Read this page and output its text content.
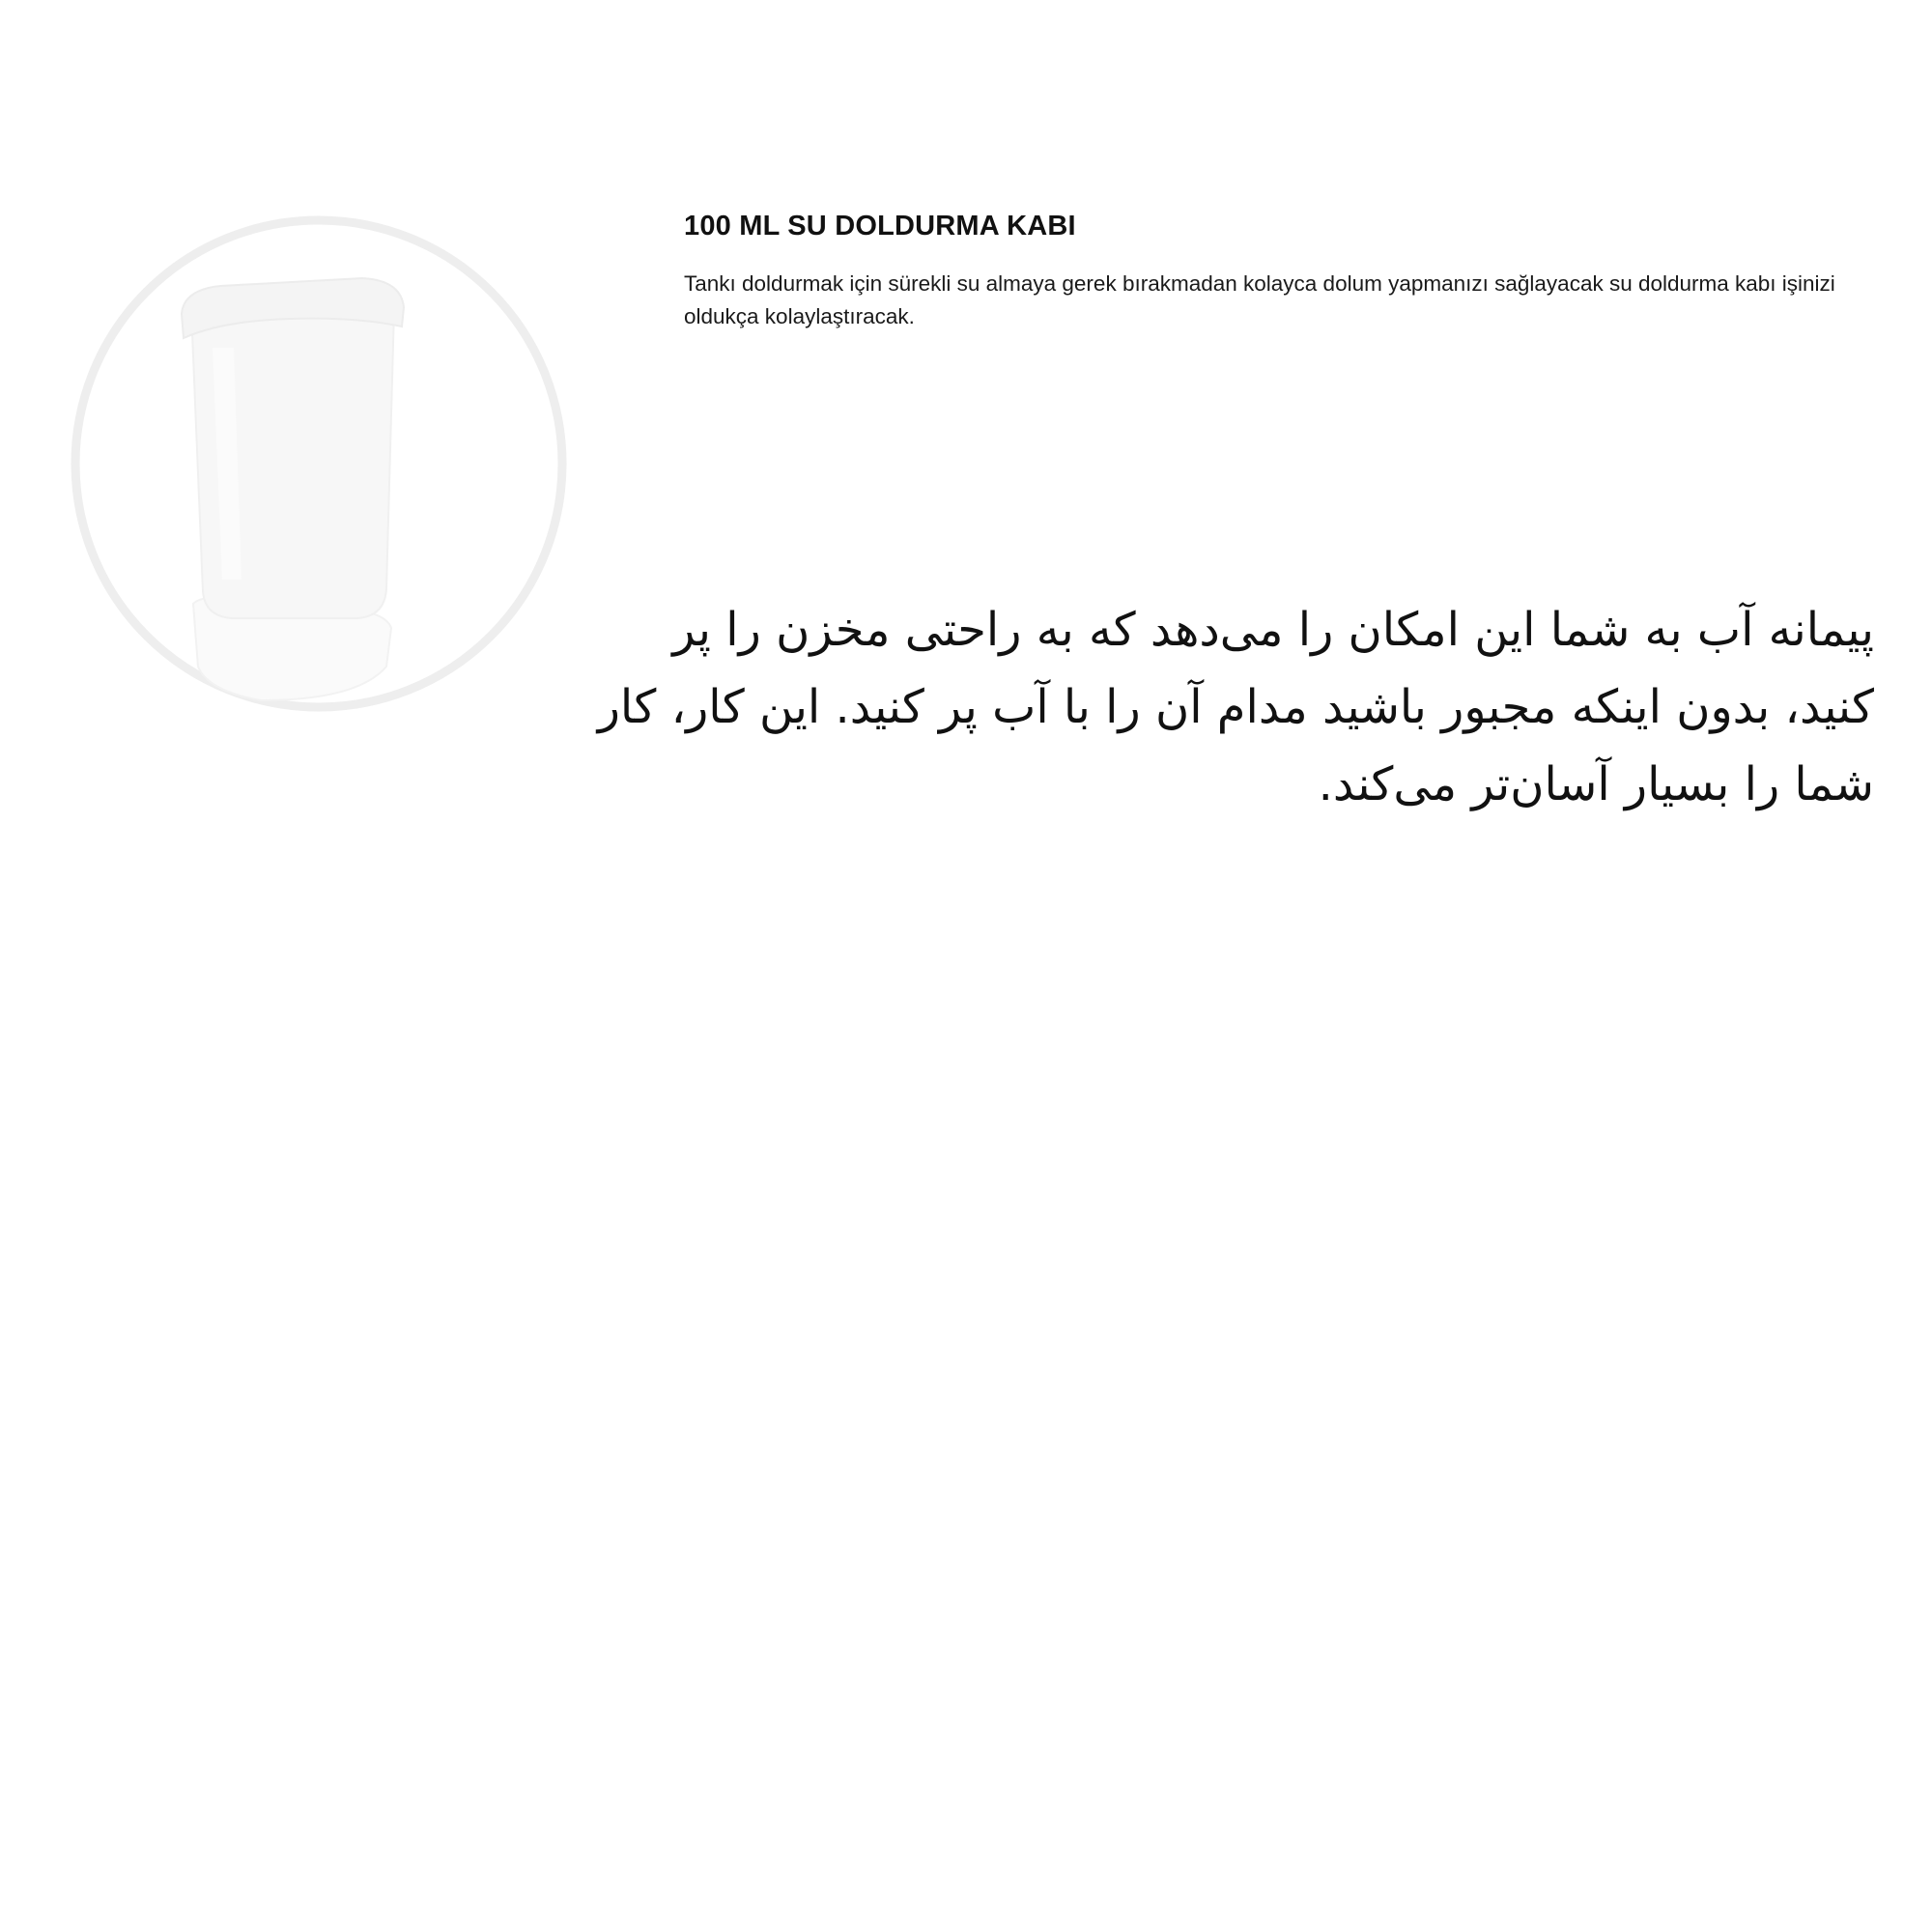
100 ML SU DOLDURMA KABI

Tankı doldurmak için sürekli su almaya gerek bırakmadan kolayca dolum yapmanızı sağlayacak su doldurma kabı işinizi oldukça kolaylaştıracak.

پیمانه آب به شما این امکان را می‌دهد که به راحتی مخزن را پر کنید، بدون اینکه مجبور باشید مدام آن را با آب پر کنید. این کار، کار شما را بسیار آسان‌تر می‌کند.
